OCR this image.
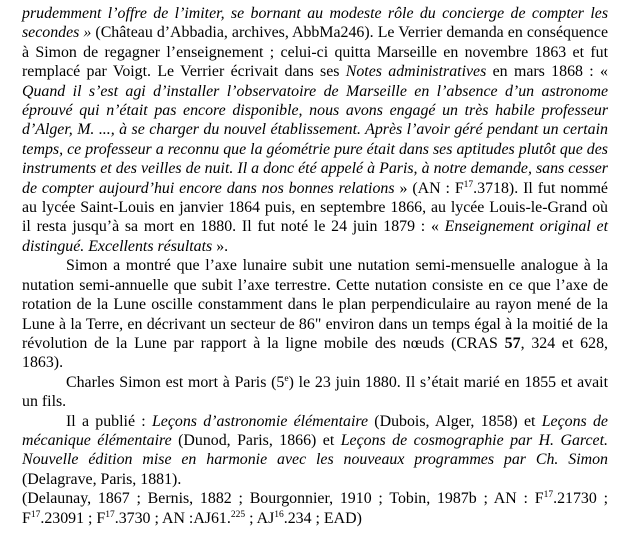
prudemment l’offre de l’imiter, se bornant au modeste rôle du concierge de compter les secondes » (Château d’Abbadia, archives, AbbMa246). Le Verrier demanda en conséquence à Simon de regagner l’enseignement ; celui-ci quitta Marseille en novembre 1863 et fut remplacé par Voigt. Le Verrier écrivait dans ses Notes administratives en mars 1868 : « Quand il s’est agi d’installer l’observatoire de Marseille en l’absence d’un astronome éprouvé qui n’était pas encore disponible, nous avons engagé un très habile professeur d’Alger, M. ..., à se charger du nouvel établissement. Après l’avoir géré pendant un certain temps, ce professeur a reconnu que la géométrie pure était dans ses aptitudes plutôt que des instruments et des veilles de nuit. Il a donc été appelé à Paris, à notre demande, sans cesser de compter aujourd’hui encore dans nos bonnes relations » (AN : $F^{17}.3718$). Il fut nommé au lycée Saint-Louis en janvier 1864 puis, en septembre 1866, au lycée Louis-le-Grand où il resta jusqu’à sa mort en 1880. Il fut noté le 24 juin 1879 : « Enseignement original et distingué. Excellents résultats ».

Simon a montré que l’axe lunaire subit une nutation semi-mensuelle analogue à la nutation semi-annuelle que subit l’axe terrestre. Cette nutation consiste en ce que l’axe de rotation de la Lune oscille constamment dans le plan perpendiculaire au rayon mené de la Lune à la Terre, en décrivant un secteur de 86" environ dans un temps égal à la moitié de la révolution de la Lune par rapport à la ligne mobile des nœuds (CRAS 57, 324 et 628, 1863).

Charles Simon est mort à Paris (5e) le 23 juin 1880. Il s’était marié en 1855 et avait un fils.

Il a publié : Leçons d’astronomie élémentaire (Dubois, Alger, 1858) et Leçons de mécanique élémentaire (Dunod, Paris, 1866) et Leçons de cosmographie par H. Garcet. Nouvelle édition mise en harmonie avec les nouveaux programmes par Ch. Simon (Delagrave, Paris, 1881).

(Delaunay, 1867 ; Bernis, 1882 ; Bourgonnier, 1910 ; Tobin, 1987b ; AN : $F^{17}.21730$ ; $F^{17}.23091$ ; $F^{17}.3730$ ; AN :AJ61.$^{225}$ ; AJ$^{16}$.234 ; EAD)
